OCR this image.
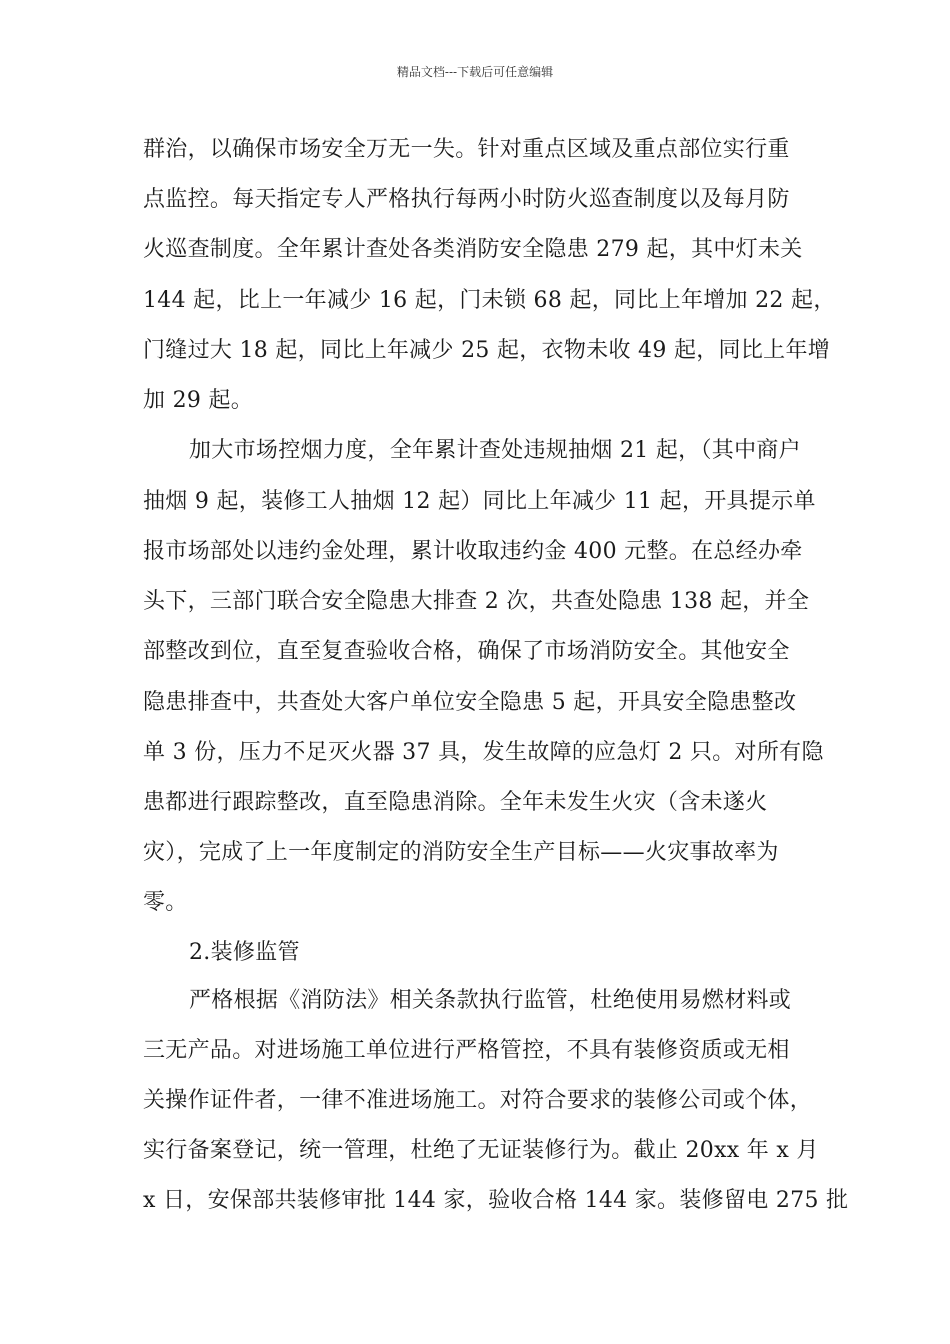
精品文档---下载后可任意编辑
群治，以确保市场安全万无一失。针对重点区域及重点部位实行重
点监控。每天指定专人严格执行每两小时防火巡查制度以及每月防
火巡查制度。全年累计查处各类消防安全隐患 279 起，其中灯未关
144 起，比上一年减少 16 起，门未锁 68 起，同比上年增加 22 起，
门缝过大 18 起，同比上年减少 25 起，衣物未收 49 起，同比上年增
加 29 起。
加大市场控烟力度，全年累计查处违规抽烟 21 起，（其中商户
抽烟 9 起，装修工人抽烟 12 起）同比上年减少 11 起，开具提示单
报市场部处以违约金处理，累计收取违约金 400 元整。在总经办牵
头下，三部门联合安全隐患大排查 2 次，共查处隐患 138 起，并全
部整改到位，直至复查验收合格，确保了市场消防安全。其他安全
隐患排查中，共查处大客户单位安全隐患 5 起，开具安全隐患整改
单 3 份，压力不足灭火器 37 具，发生故障的应急灯 2 只。对所有隐
患都进行跟踪整改，直至隐患消除。全年未发生火灾（含未遂火
灾），完成了上一年度制定的消防安全生产目标——火灾事故率为
零。
2.装修监管
严格根据《消防法》相关条款执行监管，杜绝使用易燃材料或
三无产品。对进场施工单位进行严格管控，不具有装修资质或无相
关操作证件者，一律不准进场施工。对符合要求的装修公司或个体，
实行备案登记，统一管理，杜绝了无证装修行为。截止 20xx 年 x 月
x 日，安保部共装修审批 144 家，验收合格 144 家。装修留电 275 批
